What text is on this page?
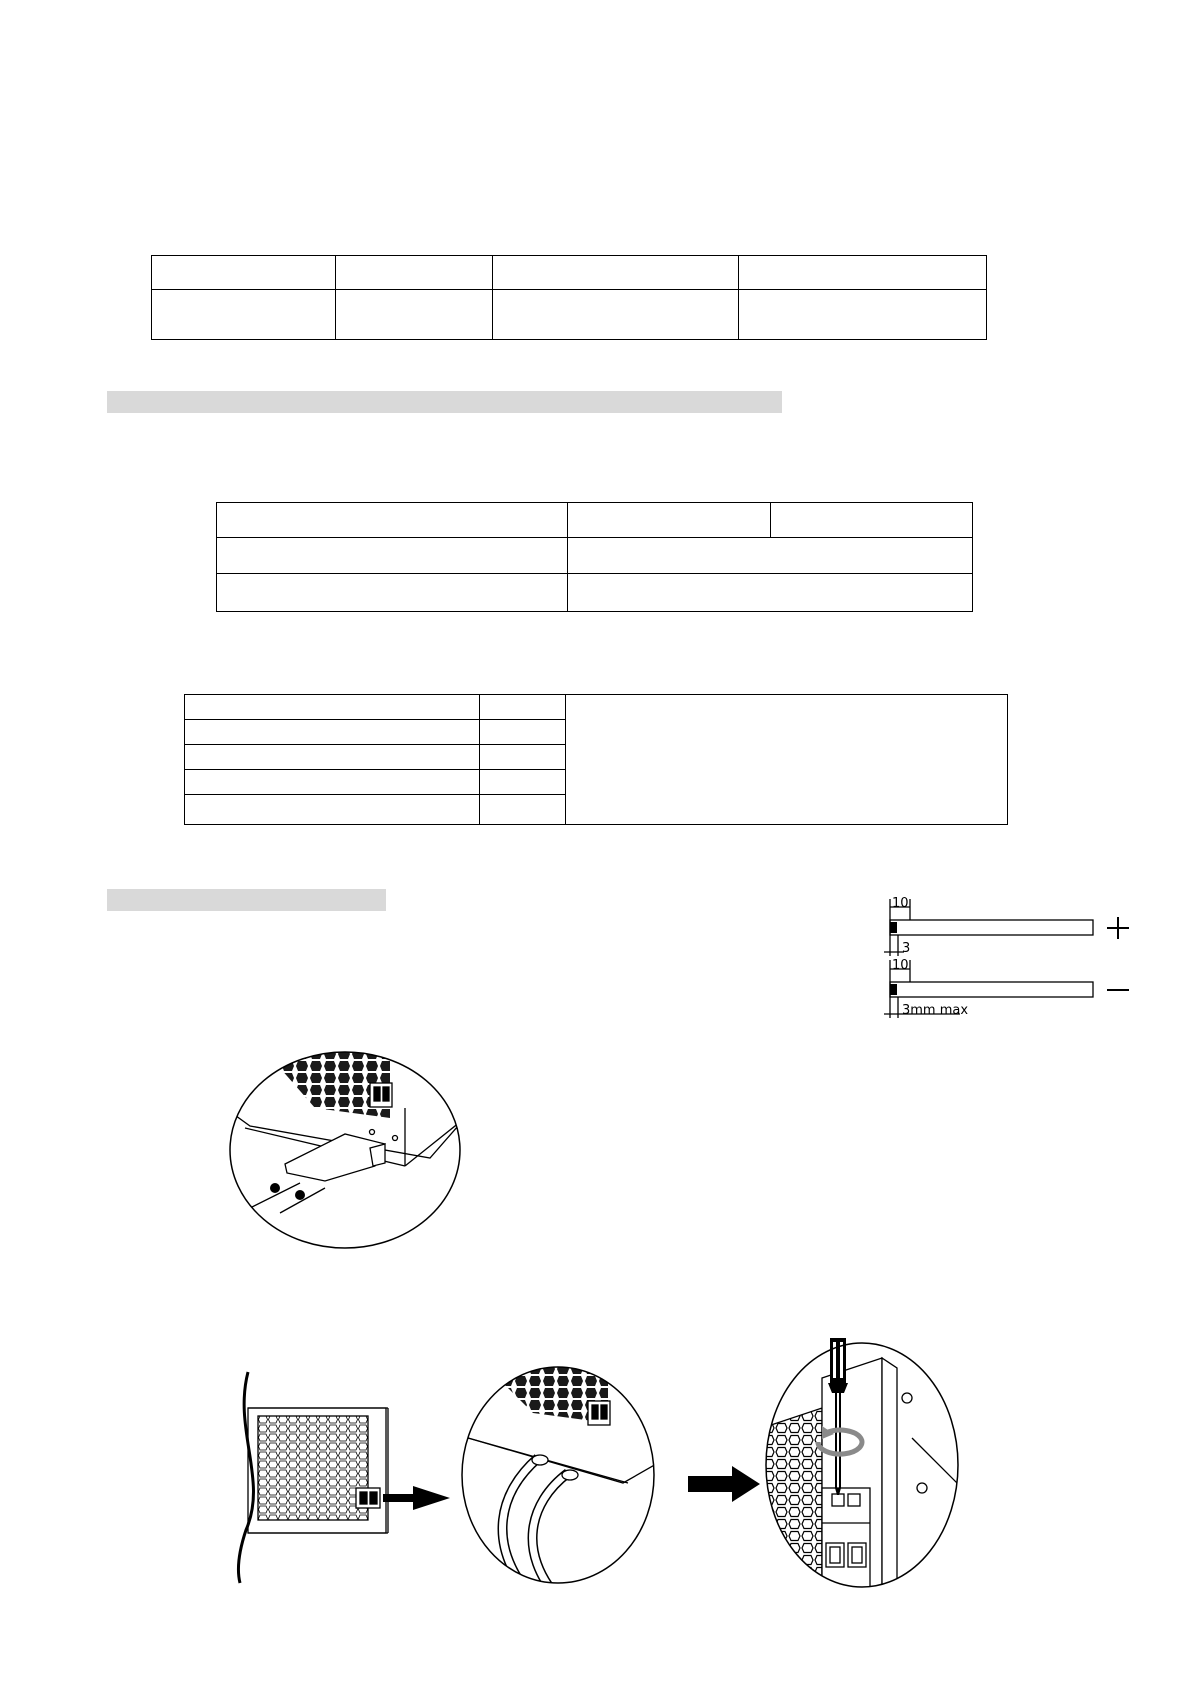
10
3
10
3mm max
